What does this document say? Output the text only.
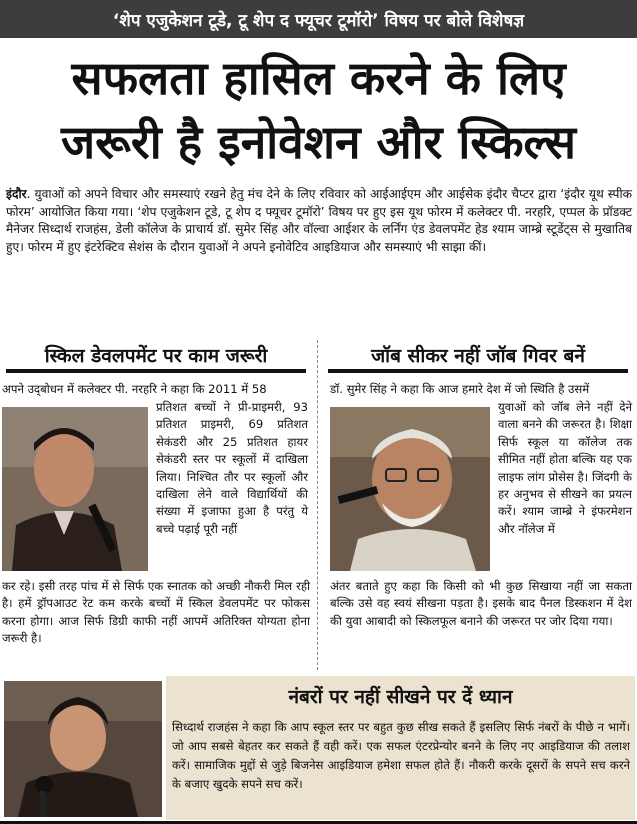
‘शेप एजुकेशन टूडे, टू शेप द फ्यूचर टूमॉरो’ विषय पर बोले विशेषज्ञ
सफलता हासिल करने के लिए
जरूरी है इनोवेशन और स्किल्स

इंदौर. युवाओं को अपने विचार और समस्याएं रखने हेतु मंच देने के लिए रविवार को आईआईएम और आईसेक इंदौर चैप्टर द्वारा ‘इंदौर यूथ स्पीक फोरम’ आयोजित किया गया। ‘शेप एजुकेशन टूडे, टू शेप द फ्यूचर टूमॉरो’ विषय पर हुए इस यूथ फोरम में कलेक्टर पी. नरहरि, एप्पल के प्रॉडक्ट मैनेजर सिध्दार्थ राजहंस, डेली कॉलेज के प्राचार्य डॉ. सुमेर सिंह और वॉल्वा आईशर के लर्निंग एंड डेवलपमेंट हेड श्याम जाम्ब्रे स्टूडेंट्स से मुखातिब हुए। फोरम में हुए इंटरेक्टिव सेशंस के दौरान युवाओं ने अपने इनोवेटिव आइडियाज और समस्याएं भी साझा कीं।

स्किल डेवलपमेंट पर काम जरूरी

अपने उद्‌बोधन में कलेक्टर पी. नरहरि ने कहा कि 2011 में 58

प्रतिशत बच्चों ने प्री-प्राइमरी, 93 प्रतिशत प्राइमरी, 69 प्रतिशत सेकंडरी और 25 प्रतिशत हायर सेकंडरी स्तर पर स्कूलों में दाखिला लिया। निश्चित तौर पर स्कूलों और दाखिला लेने वाले विद्यार्थियों की संख्या में इजाफा हुआ है परंतु ये बच्चे पढ़ाई पूरी नहीं

कर रहे। इसी तरह पांच में से सिर्फ एक स्नातक को अच्छी नौकरी मिल रही है। हमें ड्रॉपआउट रेट कम करके बच्चों में स्किल डेवलपमेंट पर फोकस करना होगा। आज सिर्फ डिग्री काफी नहीं आपमें अतिरिक्त योग्यता होना जरूरी है।

जॉब सीकर नहीं जॉब गिवर बनें

डॉ. सुमेर सिंह ने कहा कि आज हमारे देश में जो स्थिति है उसमें

युवाओं को जॉब लेने नहीं देने वाला बनने की जरूरत है। शिक्षा सिर्फ स्कूल या कॉलेज तक सीमित नहीं होता बल्कि यह एक लाइफ लांग प्रोसेस है। जिंदगी के हर अनुभव से सीखने का प्रयत्न करें। श्याम जाम्ब्रे ने इंफरमेशन और नॉलेज में

अंतर बताते हुए कहा कि किसी को भी कुछ सिखाया नहीं जा सकता बल्कि उसे वह स्वयं सीखना पड़ता है। इसके बाद पैनल डिस्कशन में देश की युवा आबादी को स्किलफूल बनाने की जरूरत पर जोर दिया गया।

नंबरों पर नहीं सीखने पर दें ध्यान

सिध्दार्थ राजहंस ने कहा कि आप स्कूल स्तर पर बहुत कुछ सीख सकते हैं इसलिए सिर्फ नंबरों के पीछे न भागें। जो आप सबसे बेहतर कर सकते हैं वही करें। एक सफल एंटरप्रेन्योर बनने के लिए नए आइडियाज की तलाश करें। सामाजिक मुद्दों से जुड़े बिजनेस आइडियाज हमेशा सफल होते हैं। नौकरी करके दूसरों के सपने सच करने के बजाए खुदके सपने सच करें।
